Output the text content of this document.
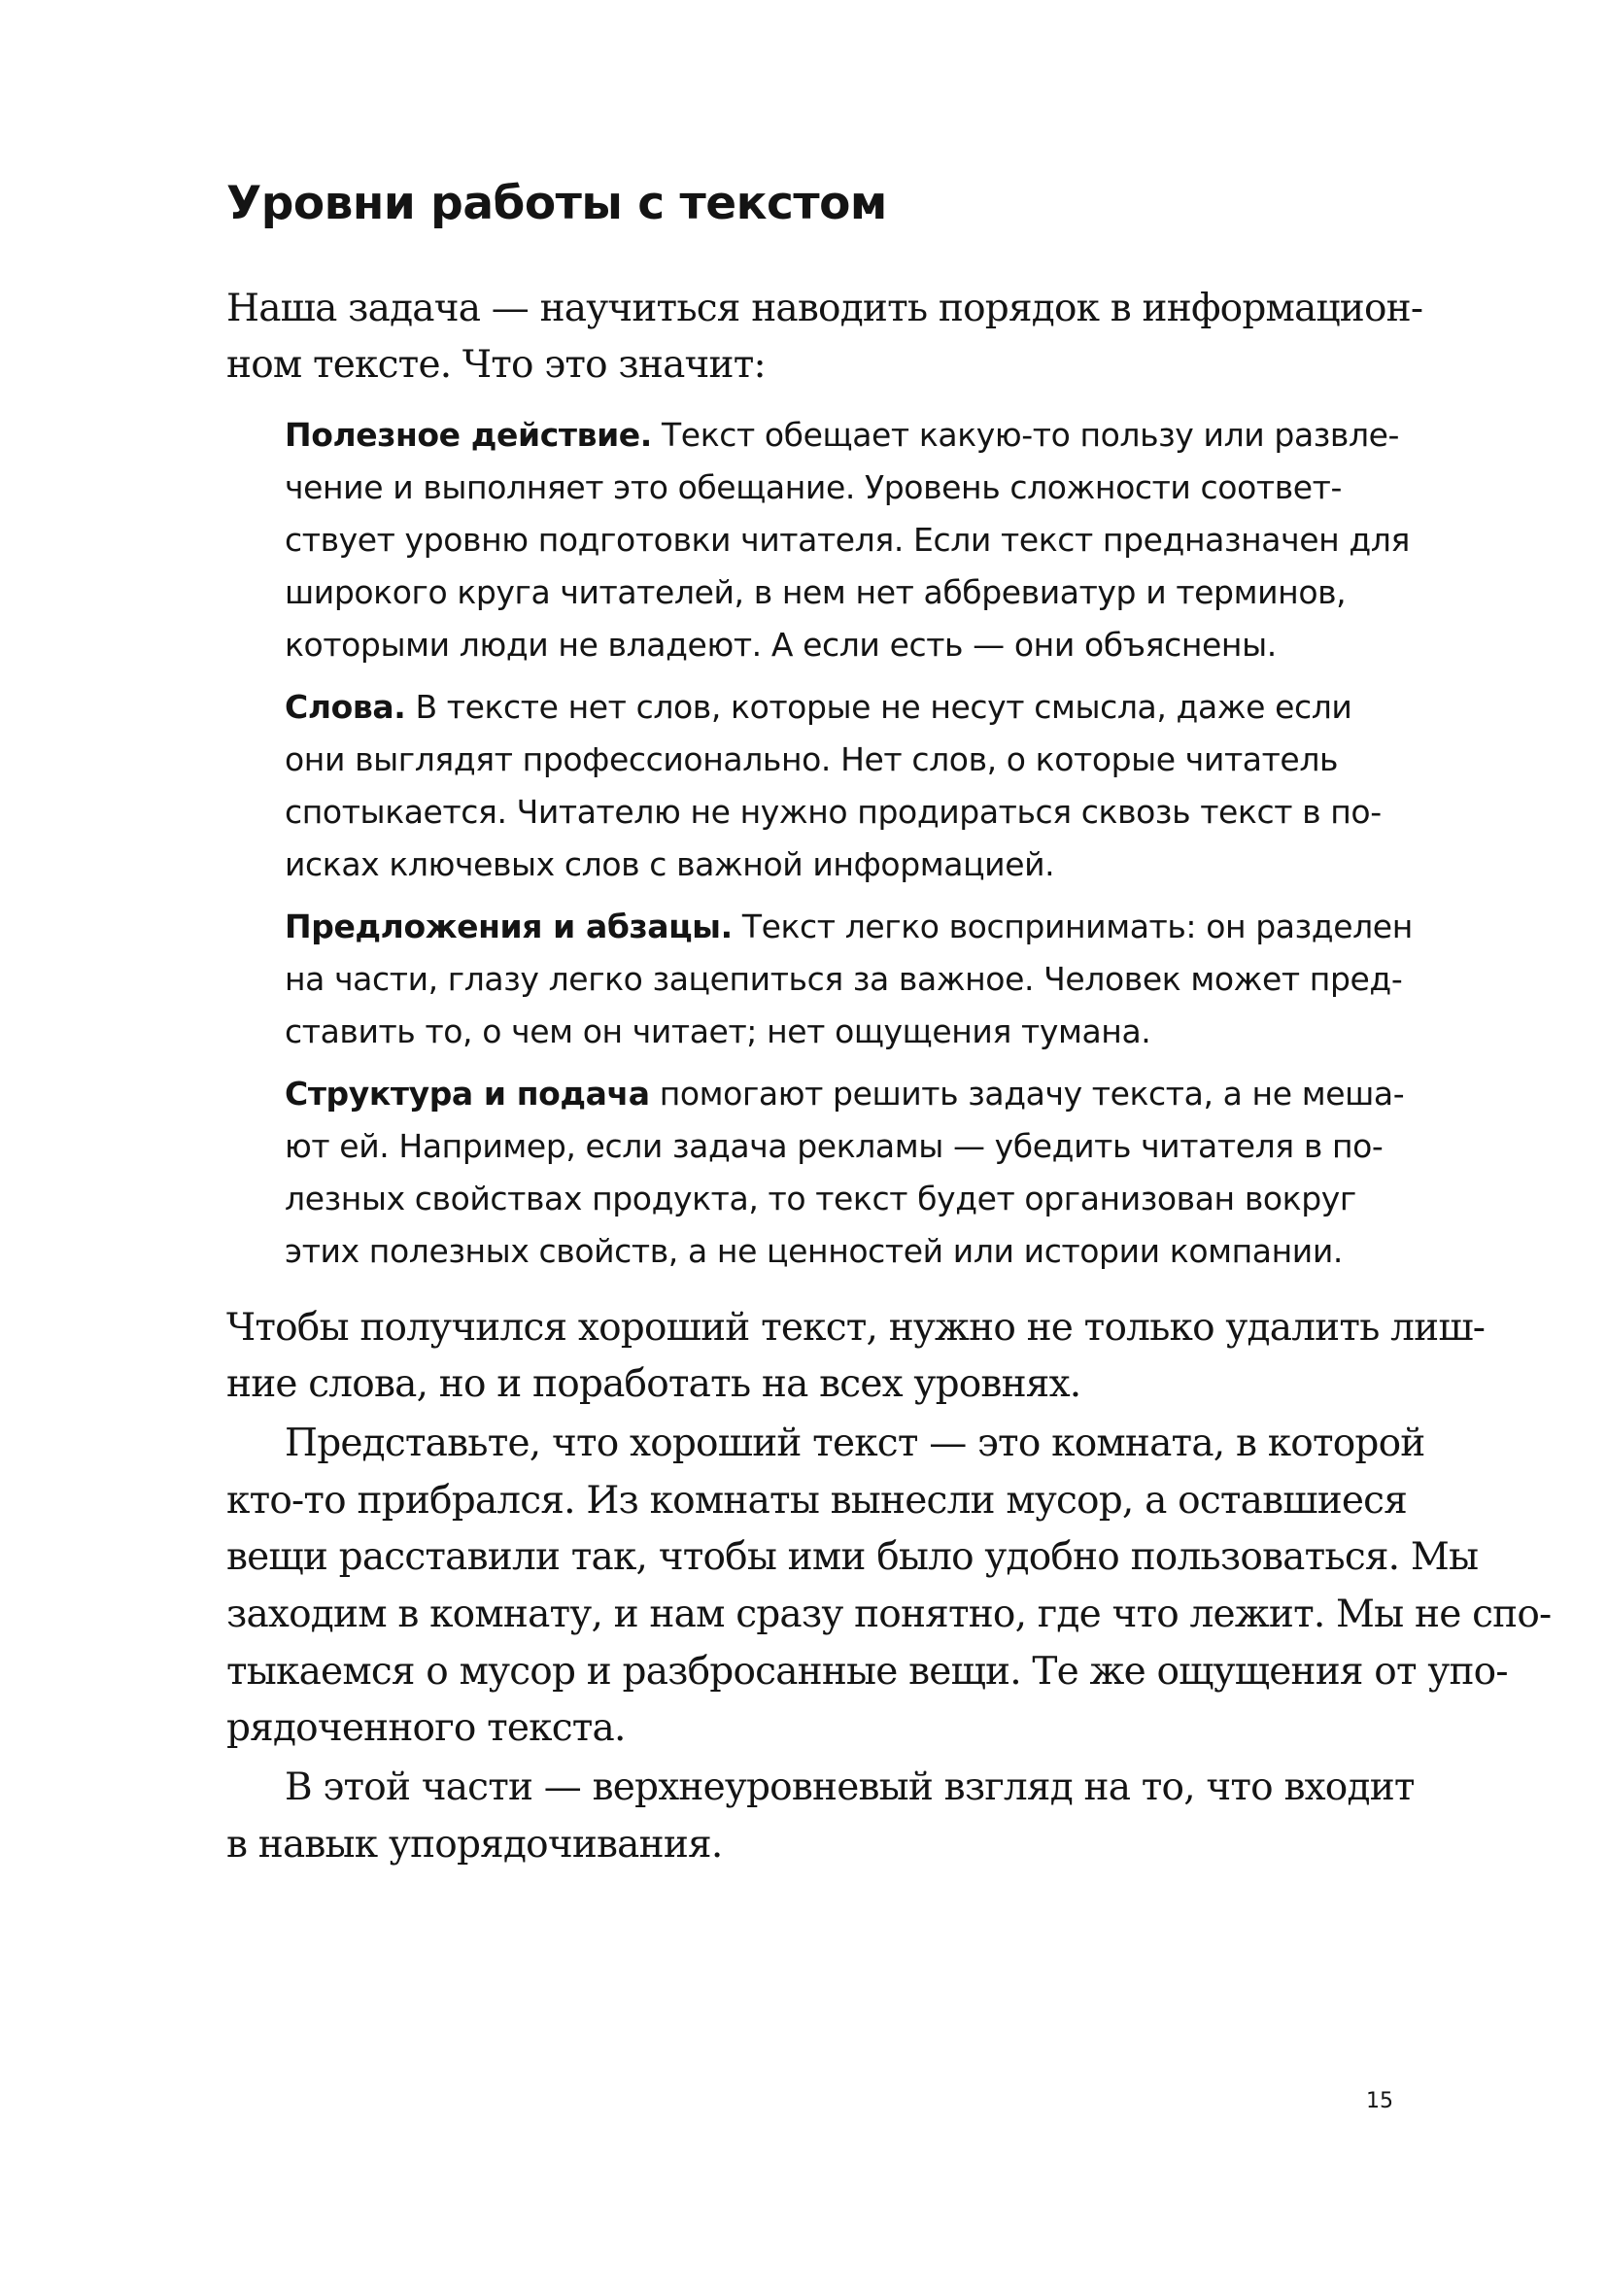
Уровни работы с текстом

Наша задача — научиться наводить порядок в информацион-

ном тексте. Что это значит:

Полезное действие. Текст обещает какую-то пользу или развле-

чение и выполняет это обещание. Уровень сложности соответ-

ствует уровню подготовки читателя. Если текст предназначен для

широкого круга читателей, в нем нет аббревиатур и терминов,

которыми люди не владеют. А если есть — они объяснены.

Слова. В тексте нет слов, которые не несут смысла, даже если

они выглядят профессионально. Нет слов, о которые читатель

спотыкается. Читателю не нужно продираться сквозь текст в по-

исках ключевых слов с важной информацией.

Предложения и абзацы. Текст легко воспринимать: он разделен

на части, глазу легко зацепиться за важное. Человек может пред-

ставить то, о чем он читает; нет ощущения тумана.

Структура и подача помогают решить задачу текста, а не меша-

ют ей. Например, если задача рекламы — убедить читателя в по-

лезных свойствах продукта, то текст будет организован вокруг

этих полезных свойств, а не ценностей или истории компании.

Чтобы получился хороший текст, нужно не только удалить лиш-

ние слова, но и поработать на всех уровнях.

Представьте, что хороший текст — это комната, в которой

кто-то прибрался. Из комнаты вынесли мусор, а оставшиеся

вещи расставили так, чтобы ими было удобно пользоваться. Мы

заходим в комнату, и нам сразу понятно, где что лежит. Мы не спо-

тыкаемся о мусор и разбросанные вещи. Те же ощущения от упо-

рядоченного текста.

В этой части — верхнеуровневый взгляд на то, что входит

в навык упорядочивания.

15
